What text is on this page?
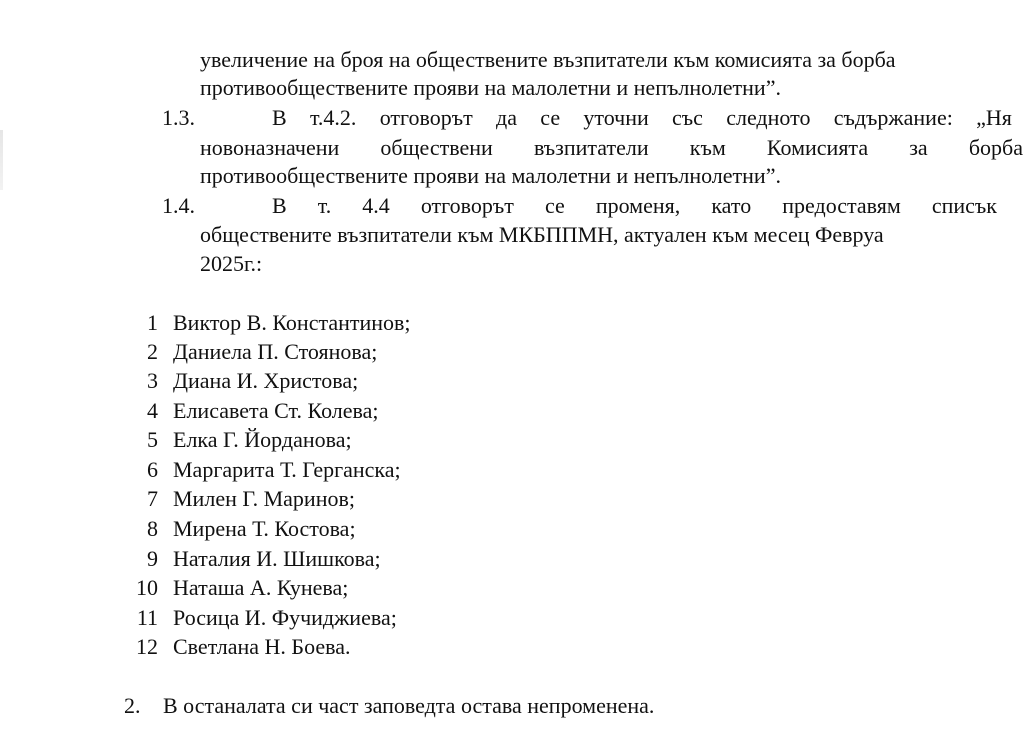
увеличение на броя на обществените възпитатели към комисията за борба
противообществените прояви на малолетни и непълнолетни”.
1.3.	В т.4.2. отговорът да се уточни със следното съдържание: „Ня
новоназначени обществени възпитатели към Комисията за борба
противообществените прояви на малолетни и непълнолетни”.
1.4.	В т. 4.4 отговорът се променя, като предоставям списък
обществените възпитатели към МКБППМН, актуален към месец Февруа
2025г.:
1 Виктор В. Константинов;
2 Даниела П. Стоянова;
3 Диана И. Христова;
4 Елисавета Ст. Колева;
5 Елка Г. Йорданова;
6 Маргарита Т. Герганска;
7 Милен Г. Маринов;
8 Мирена Т. Костова;
9 Наталия И. Шишкова;
10 Наташа А. Кунева;
11 Росица И. Фучиджиева;
12 Светлана Н. Боева.
2. В останалата си част заповедта остава непроменена.
